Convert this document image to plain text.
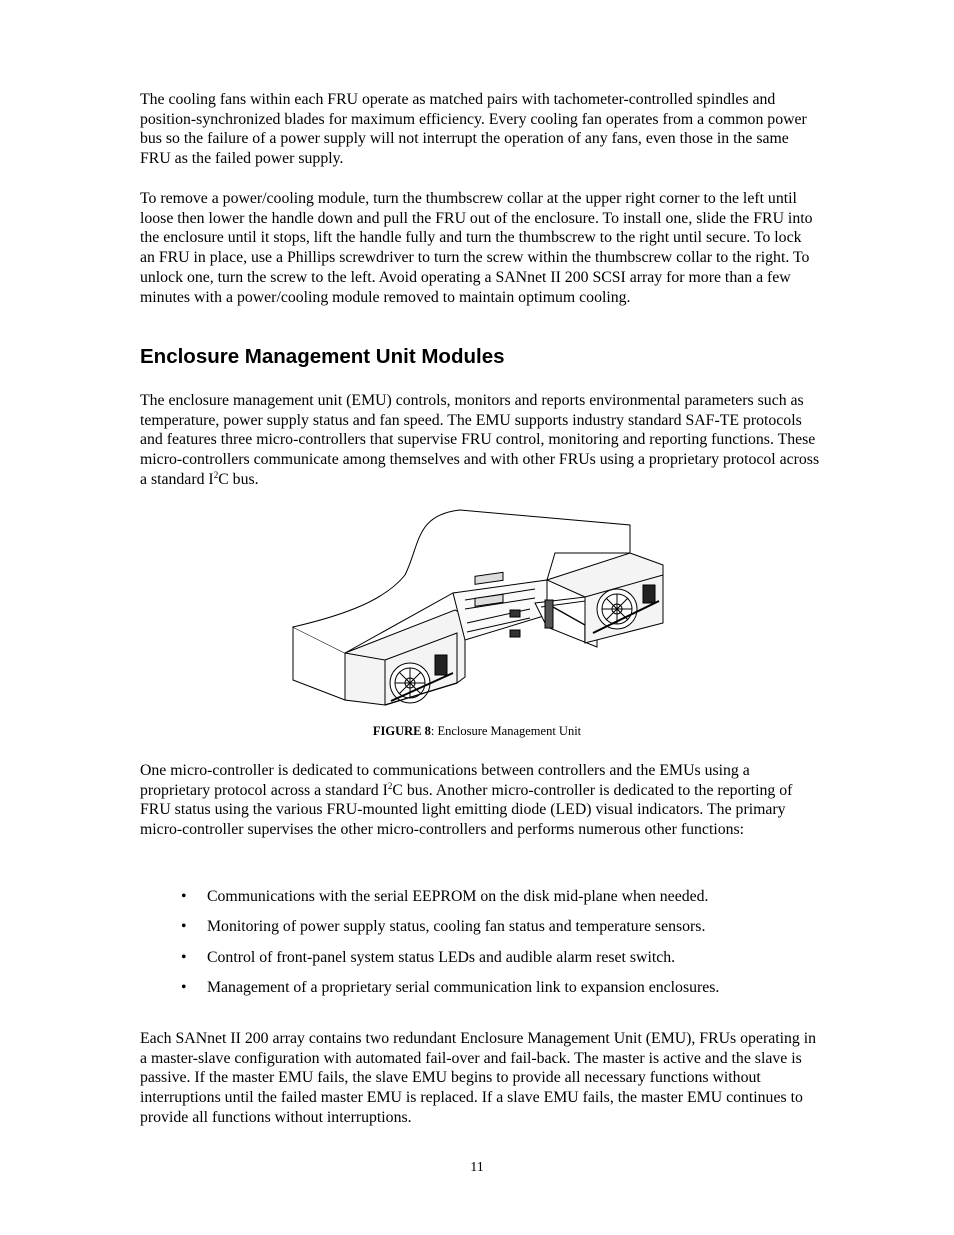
The cooling fans within each FRU operate as matched pairs with tachometer-controlled spindles and position-synchronized blades for maximum efficiency. Every cooling fan operates from a common power bus so the failure of a power supply will not interrupt the operation of any fans, even those in the same FRU as the failed power supply.

To remove a power/cooling module, turn the thumbscrew collar at the upper right corner to the left until loose then lower the handle down and pull the FRU out of the enclosure. To install one, slide the FRU into the enclosure until it stops, lift the handle fully and turn the thumbscrew to the right until secure. To lock an FRU in place, use a Phillips screwdriver to turn the screw within the thumbscrew collar to the right. To unlock one, turn the screw to the left. Avoid operating a SANnet II 200 SCSI array for more than a few minutes with a power/cooling module removed to maintain optimum cooling.

Enclosure Management Unit Modules

The enclosure management unit (EMU) controls, monitors and reports environmental parameters such as temperature, power supply status and fan speed. The EMU supports industry standard SAF-TE protocols and features three micro-controllers that supervise FRU control, monitoring and reporting functions. These micro-controllers communicate among themselves and with other FRUs using a proprietary protocol across a standard $I^2C$ bus.

FIGURE 8: Enclosure Management Unit

One micro-controller is dedicated to communications between controllers and the EMUs using a proprietary protocol across a standard $I^2C$ bus. Another micro-controller is dedicated to the reporting of FRU status using the various FRU-mounted light emitting diode (LED) visual indicators. The primary micro-controller supervises the other micro-controllers and performs numerous other functions:

• Communications with the serial EEPROM on the disk mid-plane when needed.
• Monitoring of power supply status, cooling fan status and temperature sensors.
• Control of front-panel system status LEDs and audible alarm reset switch.
• Management of a proprietary serial communication link to expansion enclosures.

Each SANnet II 200 array contains two redundant Enclosure Management Unit (EMU), FRUs operating in a master-slave configuration with automated fail-over and fail-back. The master is active and the slave is passive. If the master EMU fails, the slave EMU begins to provide all necessary functions without interruptions until the failed master EMU is replaced. If a slave EMU fails, the master EMU continues to provide all functions without interruptions.

11
